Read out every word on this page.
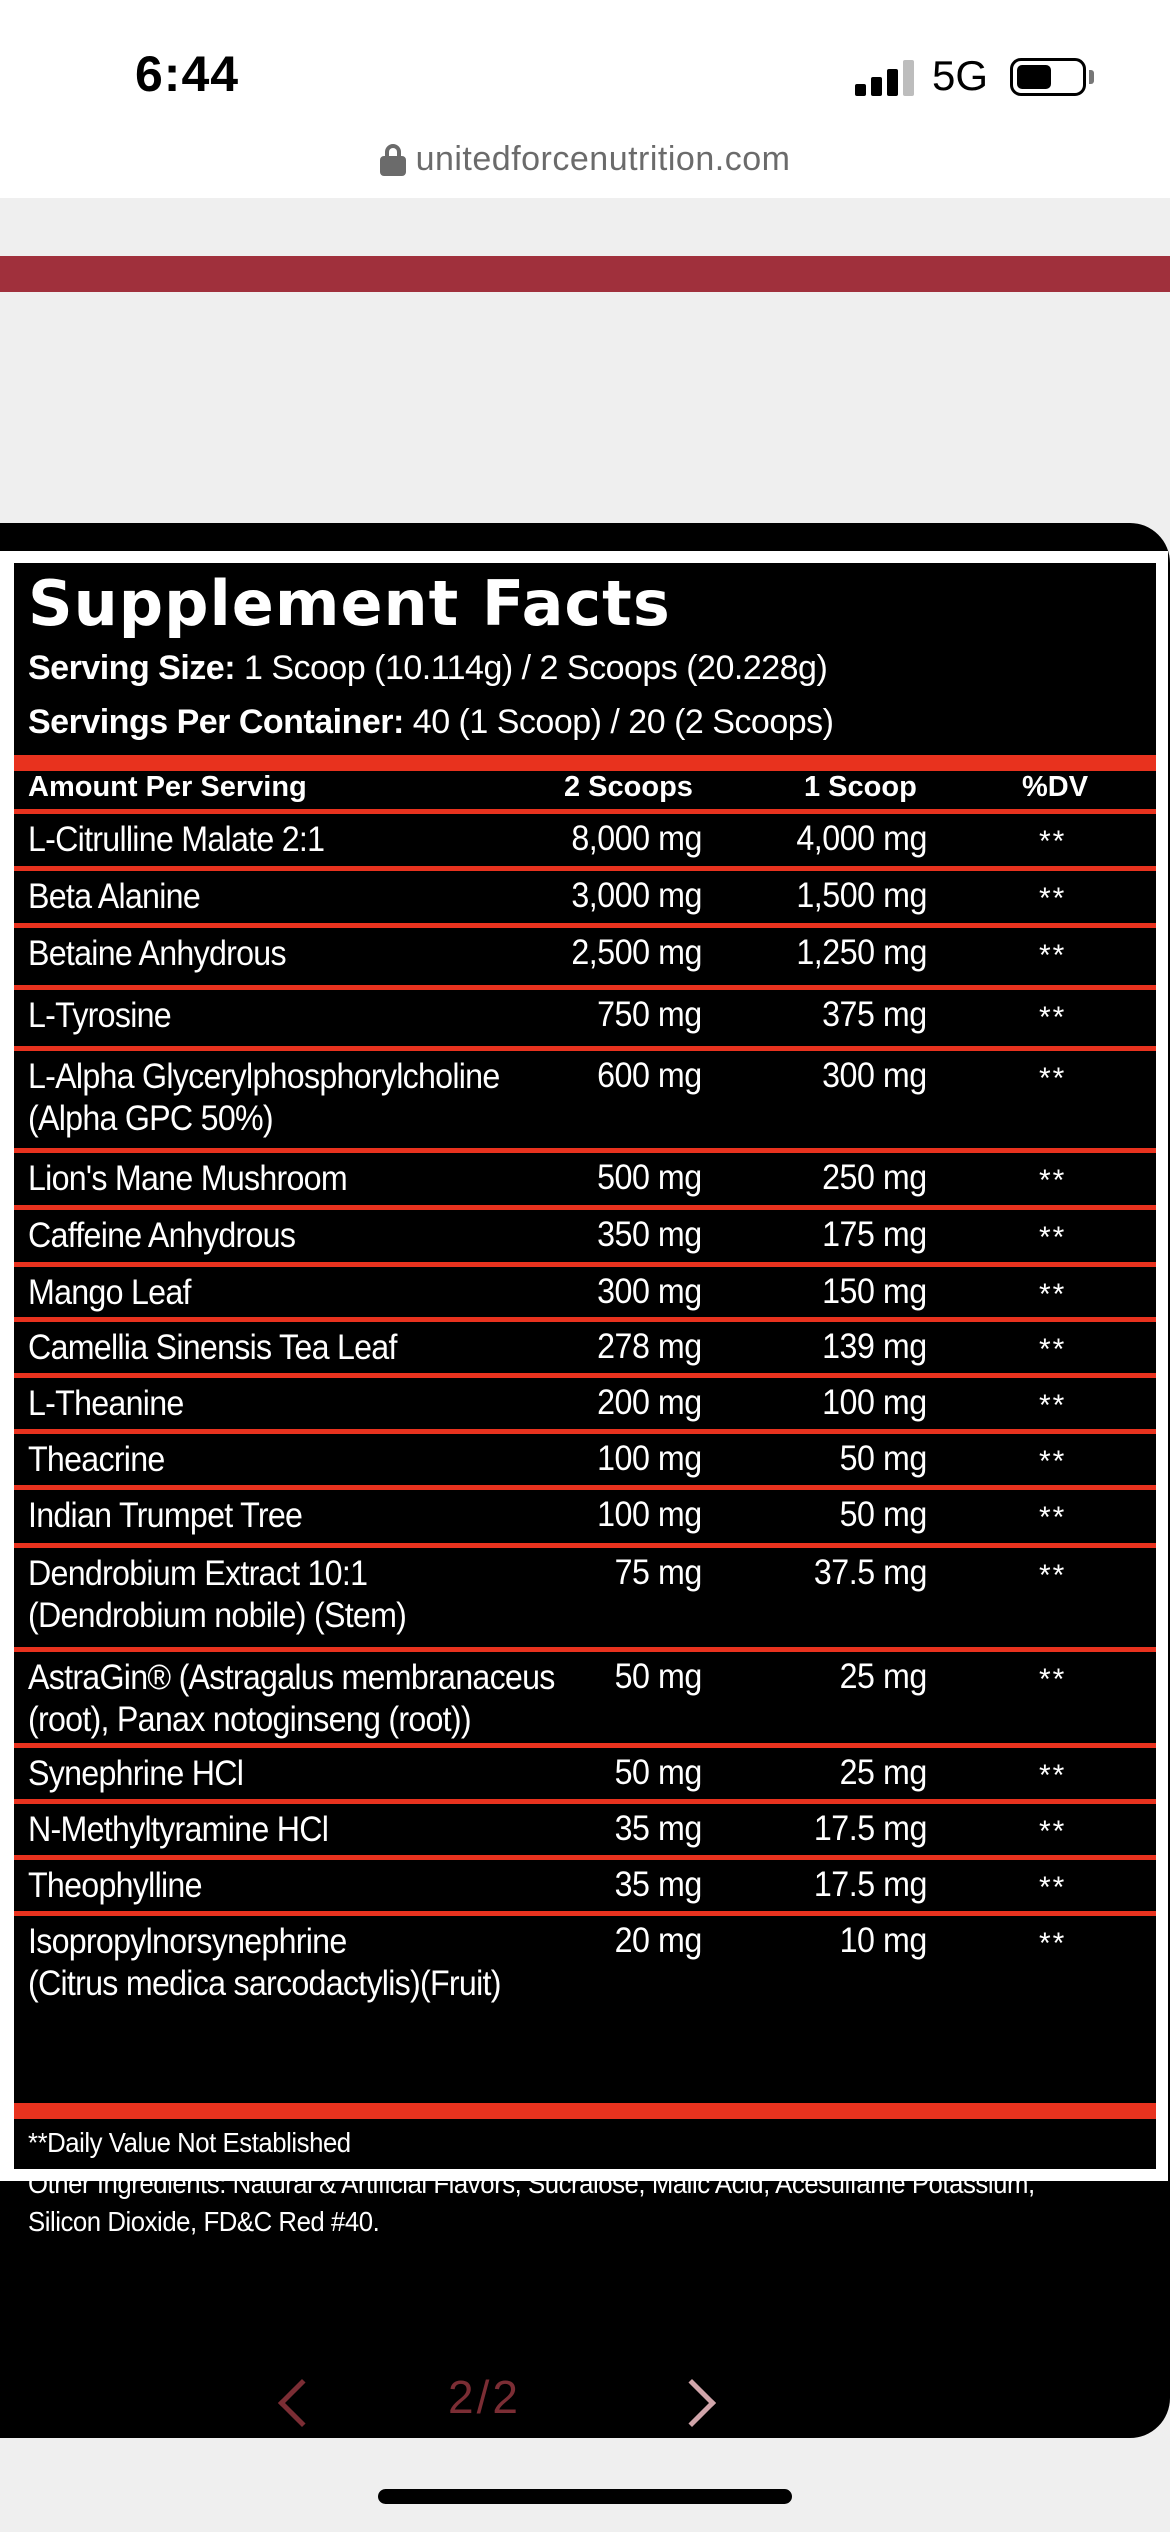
6:44	5G
unitedforcenutrition.com
Supplement Facts
Serving Size: 1 Scoop (10.114g) / 2 Scoops (20.228g)
Servings Per Container: 40 (1 Scoop) / 20 (2 Scoops)
Amount Per Serving	2 Scoops	1 Scoop	%DV
L-Citrulline Malate 2:1	8,000 mg	4,000 mg	**
Beta Alanine	3,000 mg	1,500 mg	**
Betaine Anhydrous	2,500 mg	1,250 mg	**
L-Tyrosine	750 mg	375 mg	**
L-Alpha Glycerylphosphorylcholine
(Alpha GPC 50%)
600 mg	300 mg	**
Lion's Mane Mushroom	500 mg	250 mg	**
Caffeine Anhydrous	350 mg	175 mg	**
Mango Leaf	300 mg	150 mg	**
Camellia Sinensis Tea Leaf	278 mg	139 mg	**
L-Theanine	200 mg	100 mg	**
Theacrine	100 mg	50 mg	**
Indian Trumpet Tree	100 mg	50 mg	**
Dendrobium Extract 10:1
(Dendrobium nobile) (Stem)
75 mg	37.5 mg	**
AstraGin® (Astragalus membranaceus
(root), Panax notoginseng (root))
50 mg	25 mg	**
Synephrine HCl	50 mg	25 mg	**
N-Methyltyramine HCl	35 mg	17.5 mg	**
Theophylline	35 mg	17.5 mg	**
Isopropylnorsynephrine
(Citrus medica sarcodactylis)(Fruit)
20 mg	10 mg	**
**Daily Value Not Established
Other Ingredients: Natural & Artificial Flavors, Sucralose, Malic Acid, Acesulfame Potassium,
Silicon Dioxide, FD&C Red #40.
2/2
